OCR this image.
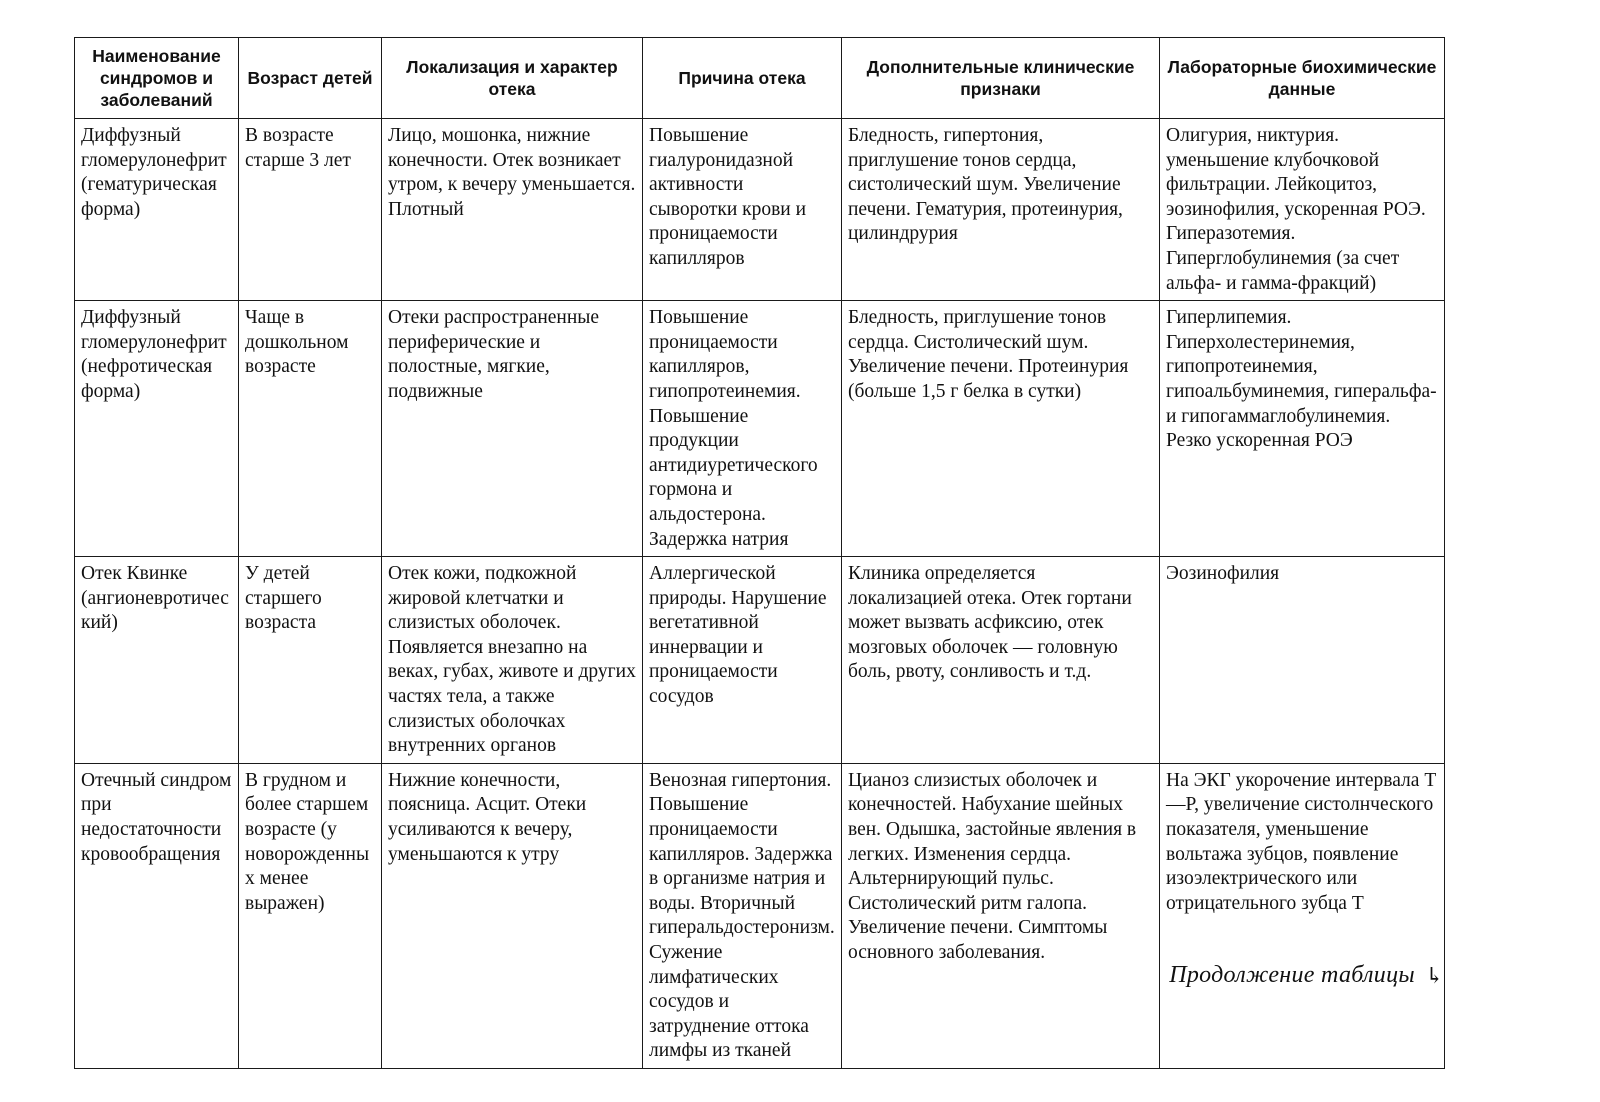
Наименование синдромов и заболеваний	Возраст детей	Локализация и характер отека	Причина отека	Дополнительные клинические признаки	Лабораторные биохимические данные
Диффузный гломерулонефрит (гематурическая форма)	В возрасте старше 3 лет	Лицо, мошонка, нижние конечности. Отек возникает утром, к вечеру уменьшается. Плотный	Повышение гиалуронидазной активности сыворотки крови и проницаемости капилляров	Бледность, гипертония, приглушение тонов сердца, систолический шум. Увеличение печени. Гематурия, протеинурия, цилиндрурия	Олигурия, никтурия. уменьшение клубочковой фильтрации. Лейкоцитоз, эозинофилия, ускоренная РОЭ. Гиперазотемия. Гиперглобулинемия (за счет альфа- и гамма-фракций)
Диффузный гломерулонефрит (нефротическая форма)	Чаще в дошкольном возрасте	Отеки распространенные периферические и полостные, мягкие, подвижные	Повышение проницаемости капилляров, гипопротеинемия. Повышение продукции антидиуретического гормона и альдостерона. Задержка натрия	Бледность, приглушение тонов сердца. Систолический шум. Увеличение печени. Протеинурия (больше 1,5 г белка в сутки)	Гиперлипемия. Гиперхолестеринемия, гипопротеинемия, гипоальбуминемия, гиперальфа- и гипогаммаглобулинемия. Резко ускоренная РОЭ
Отек Квинке (ангионевротический)	У детей старшего возраста	Отек кожи, подкожной жировой клетчатки и слизистых оболочек. Появляется внезапно на веках, губах, животе и других частях тела, а также слизистых оболочках внутренних органов	Аллергической природы. Нарушение вегетативной иннервации и проницаемости сосудов	Клиника определяется локализацией отека. Отек гортани может вызвать асфиксию, отек мозговых оболочек — головную боль, рвоту, сонливость и т.д.	Эозинофилия
Отечный синдром при недостаточности кровообращения	В грудном и более старшем возрасте (у новорожденных менее выражен)	Нижние конечности, поясница. Асцит. Отеки усиливаются к вечеру, уменьшаются к утру	Венозная гипертония. Повышение проницаемости капилляров. Задержка в организме натрия и воды. Вторичный гиперальдостеронизм. Сужение лимфатических сосудов и затруднение оттока лимфы из тканей	Цианоз слизистых оболочек и конечностей. Набухание шейных вен. Одышка, застойные явления в легких. Изменения сердца. Альтернирующий пульс. Систолический ритм галопа. Увеличение печени. Симптомы основного заболевания.	На ЭКГ укорочение интервала T—P, увеличение систолнческого показателя, уменьшение вольтажа зубцов, появление изоэлектрического или отрицательного зубца T
Продолжение таблицы ↳
